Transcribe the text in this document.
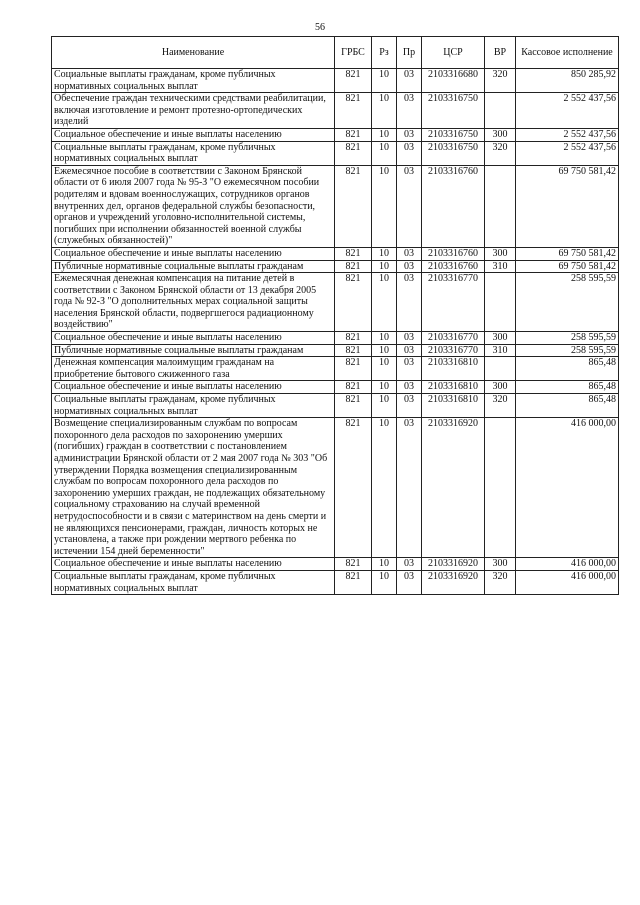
56
Наименование	ГРБС	Рз	Пр	ЦСР	ВР	Кассовое исполнение
Социальные выплаты гражданам, кроме публичных нормативных социальных выплат	821	10	03	2103316680	320	850 285,92
Обеспечение граждан техническими средствами реабилитации, включая изготовление и ремонт протезно-ортопедических изделий	821	10	03	2103316750		2 552 437,56
Социальное обеспечение и иные выплаты населению	821	10	03	2103316750	300	2 552 437,56
Социальные выплаты гражданам, кроме публичных нормативных социальных выплат	821	10	03	2103316750	320	2 552 437,56
Ежемесячное пособие в соответствии с Законом Брянской области от 6 июля 2007 года № 95-З "О ежемесячном пособии родителям и вдовам военнослужащих, сотрудников органов внутренних дел, органов федеральной службы безопасности, органов и учреждений уголовно-исполнительной системы, погибших при исполнении обязанностей военной службы (служебных обязанностей)"	821	10	03	2103316760		69 750 581,42
Социальное обеспечение и иные выплаты населению	821	10	03	2103316760	300	69 750 581,42
Публичные нормативные социальные выплаты гражданам	821	10	03	2103316760	310	69 750 581,42
Ежемесячная денежная компенсация на питание детей в соответствии с Законом Брянской области от 13 декабря 2005 года № 92-З "О дополнительных мерах социальной защиты населения Брянской области, подвергшегося радиационному воздействию"	821	10	03	2103316770		258 595,59
Социальное обеспечение и иные выплаты населению	821	10	03	2103316770	300	258 595,59
Публичные нормативные социальные выплаты гражданам	821	10	03	2103316770	310	258 595,59
Денежная компенсация малоимущим гражданам на приобретение бытового сжиженного газа	821	10	03	2103316810		865,48
Социальное обеспечение и иные выплаты населению	821	10	03	2103316810	300	865,48
Социальные выплаты гражданам, кроме публичных нормативных социальных выплат	821	10	03	2103316810	320	865,48
Возмещение специализированным службам по вопросам похоронного дела расходов по захоронению умерших (погибших) граждан в соответствии с постановлением администрации Брянской области от 2 мая 2007 года № 303 "Об утверждении Порядка возмещения специализированным службам по вопросам похоронного дела расходов по захоронению умерших граждан, не подлежащих обязательному социальному страхованию на случай временной нетрудоспособности и в связи с материнством на день смерти и не являющихся пенсионерами, граждан, личность которых не установлена, а также при рождении мертвого ребенка по истечении 154 дней беременности"	821	10	03	2103316920		416 000,00
Социальное обеспечение и иные выплаты населению	821	10	03	2103316920	300	416 000,00
Социальные выплаты гражданам, кроме публичных нормативных социальных выплат	821	10	03	2103316920	320	416 000,00
